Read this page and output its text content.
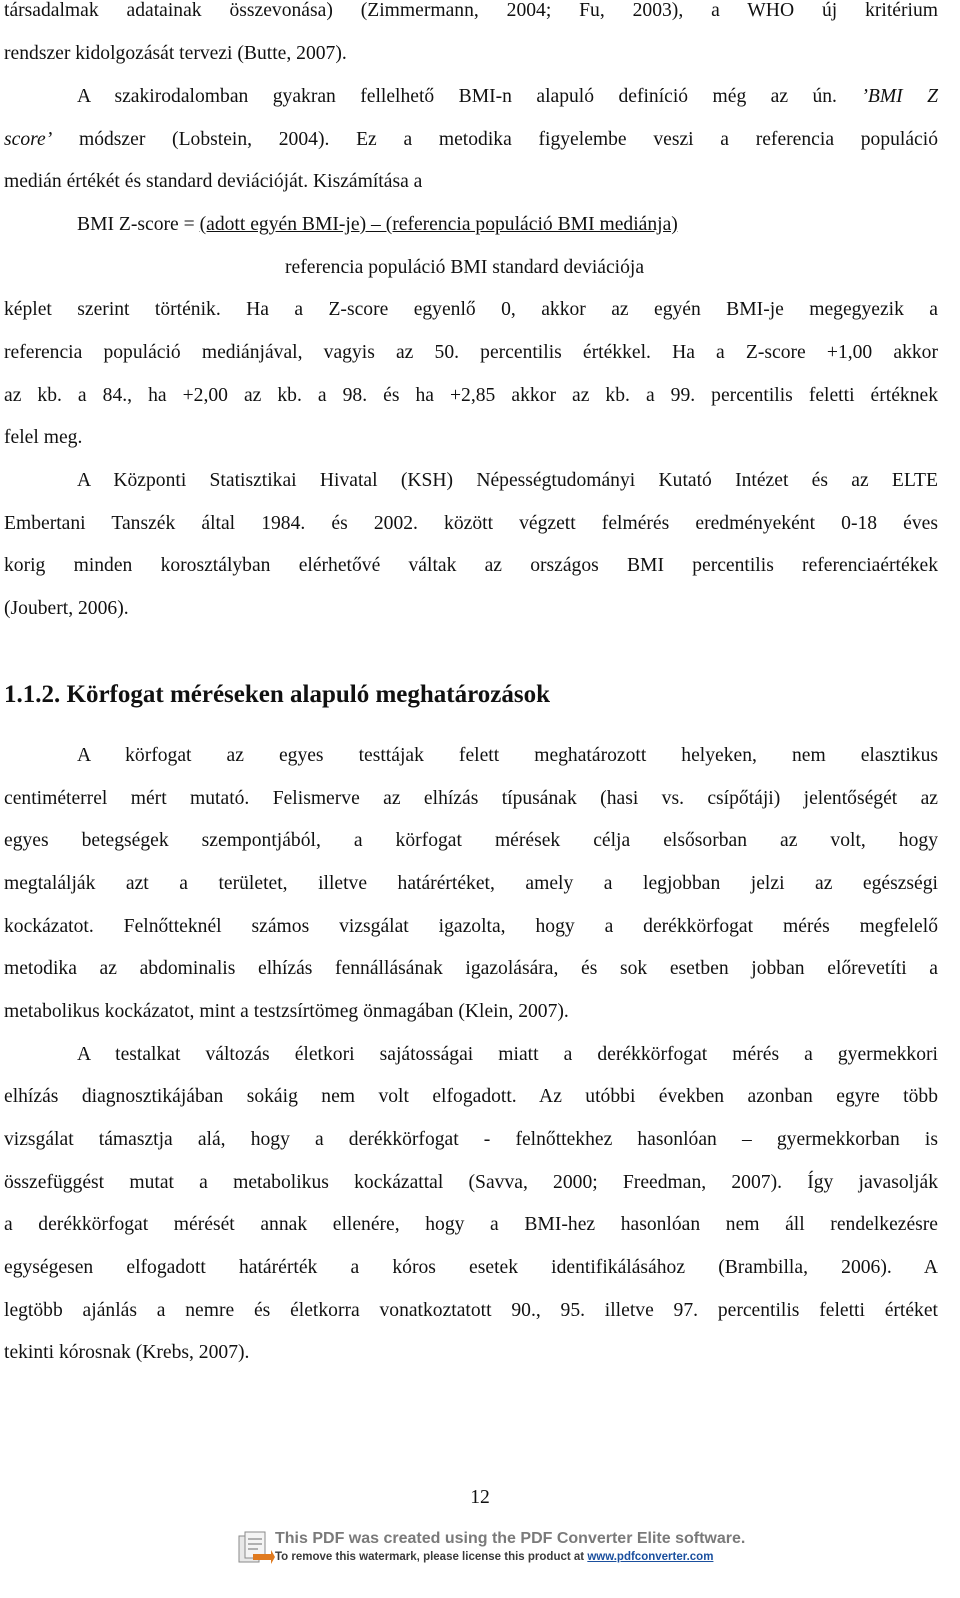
társadalmak adatainak összevonása) (Zimmermann, 2004; Fu, 2003), a WHO új kritérium
rendszer kidolgozását tervezi (Butte, 2007).
A szakirodalomban gyakran fellelhető BMI-n alapuló definíció még az ún. ’BMI Z
score’ módszer (Lobstein, 2004). Ez a metodika figyelembe veszi a referencia populáció
medián értékét és standard deviációját. Kiszámítása a
BMI Z-score = (adott egyén BMI-je) – (referencia populáció BMI mediánja)
referencia populáció BMI standard deviációja
képlet szerint történik. Ha a Z-score egyenlő 0, akkor az egyén BMI-je megegyezik a
referencia populáció mediánjával, vagyis az 50. percentilis értékkel. Ha a Z-score +1,00 akkor
az kb. a 84., ha +2,00 az kb. a 98. és ha +2,85 akkor az kb. a 99. percentilis feletti értéknek
felel meg.
A Központi Statisztikai Hivatal (KSH) Népességtudományi Kutató Intézet és az ELTE
Embertani Tanszék által 1984. és 2002. között végzett felmérés eredményeként 0-18 éves
korig minden korosztályban elérhetővé váltak az országos BMI percentilis referenciaértékek
(Joubert, 2006).
1.1.2. Körfogat méréseken alapuló meghatározások
A körfogat az egyes testtájak felett meghatározott helyeken, nem elasztikus
centiméterrel mért mutató. Felismerve az elhízás típusának (hasi vs. csípőtáji) jelentőségét az
egyes betegségek szempontjából, a körfogat mérések célja elsősorban az volt, hogy
megtalálják azt a területet, illetve határértéket, amely a legjobban jelzi az egészségi
kockázatot. Felnőtteknél számos vizsgálat igazolta, hogy a derékkörfogat mérés megfelelő
metodika az abdominalis elhízás fennállásának igazolására, és sok esetben jobban előrevetíti a
metabolikus kockázatot, mint a testzsírtömeg önmagában (Klein, 2007).
A testalkat változás életkori sajátosságai miatt a derékkörfogat mérés a gyermekkori
elhízás diagnosztikájában sokáig nem volt elfogadott. Az utóbbi években azonban egyre több
vizsgálat támasztja alá, hogy a derékkörfogat - felnőttekhez hasonlóan – gyermekkorban is
összefüggést mutat a metabolikus kockázattal (Savva, 2000; Freedman, 2007). Így javasolják
a derékkörfogat mérését annak ellenére, hogy a BMI-hez hasonlóan nem áll rendelkezésre
egységesen elfogadott határérték a kóros esetek identifikálásához (Brambilla, 2006). A
legtöbb ajánlás a nemre és életkorra vonatkoztatott 90., 95. illetve 97. percentilis feletti értéket
tekinti kórosnak (Krebs, 2007).
12
This PDF was created using the PDF Converter Elite software.
To remove this watermark, please license this product at www.pdfconverter.com
